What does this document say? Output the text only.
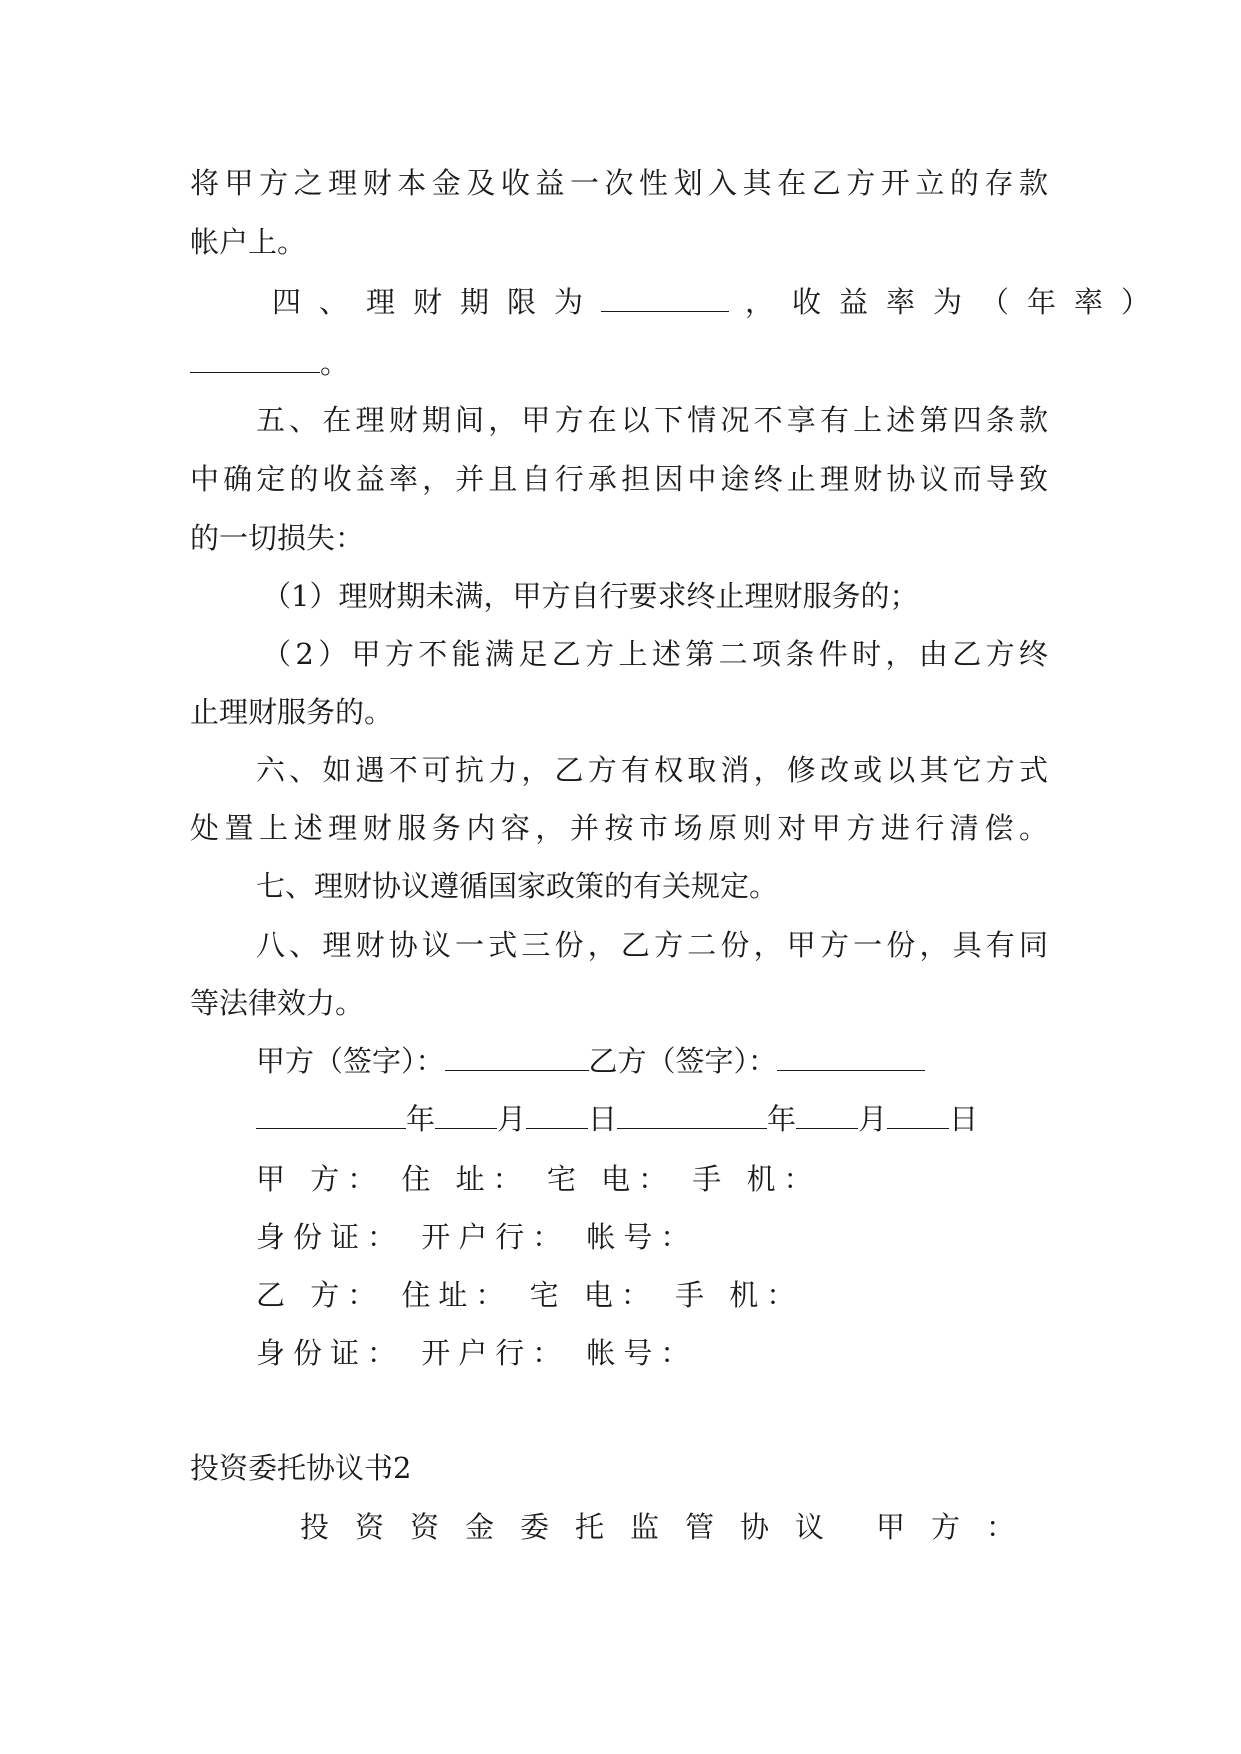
将甲方之理财本金及收益一次性划入其在乙方开立的存款
帐户上。
四、理财期限为	，收益率为（年率）
。
五、在理财期间，甲方在以下情况不享有上述第四条款
中确定的收益率，并且自行承担因中途终止理财协议而导致
的一切损失：
（1）理财期未满，甲方自行要求终止理财服务的；
（2）甲方不能满足乙方上述第二项条件时，由乙方终
止理财服务的。
六、如遇不可抗力，乙方有权取消，修改或以其它方式
处置上述理财服务内容，并按市场原则对甲方进行清偿。
七、理财协议遵循国家政策的有关规定。
八、理财协议一式三份，乙方二份，甲方一份，具有同
等法律效力。
甲方（签字）：	乙方（签字）：
年 月 日	年 月 日
甲 方： 住 址： 宅 电： 手 机：
身份证： 开户行： 帐号：
乙 方： 住址： 宅 电： 手 机：
身份证： 开户行： 帐号：
投资委托协议书2
投资资金委托监管协议 甲方：
